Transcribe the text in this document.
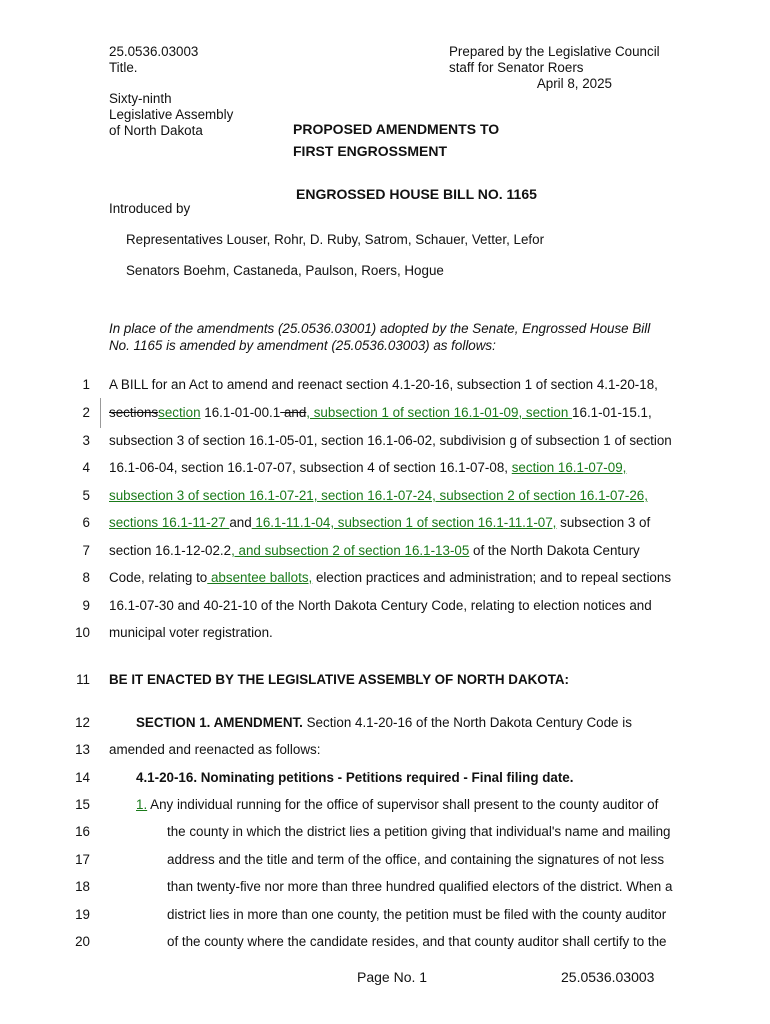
25.0536.03003
Title.
Prepared by the Legislative Council
staff for Senator Roers
April 8, 2025
Sixty-ninth
Legislative Assembly
of North Dakota	PROPOSED AMENDMENTS TO
FIRST ENGROSSMENT
ENGROSSED HOUSE BILL NO. 1165
Introduced by
Representatives Louser, Rohr, D. Ruby, Satrom, Schauer, Vetter, Lefor
Senators Boehm, Castaneda, Paulson, Roers, Hogue
In place of the amendments (25.0536.03001) adopted by the Senate, Engrossed House Bill
No. 1165 is amended by amendment (25.0536.03003) as follows:
1 A BILL for an Act to amend and reenact section 4.1-20-16, subsection 1 of section 4.1-20-18,
2 sectionssection 16.1-01-00.1 and, subsection 1 of section 16.1-01-09, section 16.1-01-15.1,
3 subsection 3 of section 16.1-05-01, section 16.1-06-02, subdivision g of subsection 1 of section
4 16.1-06-04, section 16.1-07-07, subsection 4 of section 16.1-07-08, section 16.1-07-09,
5 subsection 3 of section 16.1-07-21, section 16.1-07-24, subsection 2 of section 16.1-07-26,
6 sections 16.1-11-27 and 16.1-11.1-04, subsection 1 of section 16.1-11.1-07, subsection 3 of
7 section 16.1-12-02.2, and subsection 2 of section 16.1-13-05 of the North Dakota Century
8 Code, relating to absentee ballots, election practices and administration; and to repeal sections
9 16.1-07-30 and 40-21-10 of the North Dakota Century Code, relating to election notices and
10 municipal voter registration.
11 BE IT ENACTED BY THE LEGISLATIVE ASSEMBLY OF NORTH DAKOTA:
12	SECTION 1. AMENDMENT. Section 4.1-20-16 of the North Dakota Century Code is
13 amended and reenacted as follows:
14	4.1-20-16. Nominating petitions - Petitions required - Final filing date.
15	1. Any individual running for the office of supervisor shall present to the county auditor of
16	the county in which the district lies a petition giving that individual's name and mailing
17	address and the title and term of the office, and containing the signatures of not less
18	than twenty-five nor more than three hundred qualified electors of the district. When a
19	district lies in more than one county, the petition must be filed with the county auditor
20	of the county where the candidate resides, and that county auditor shall certify to the
Page No. 1	25.0536.03003
